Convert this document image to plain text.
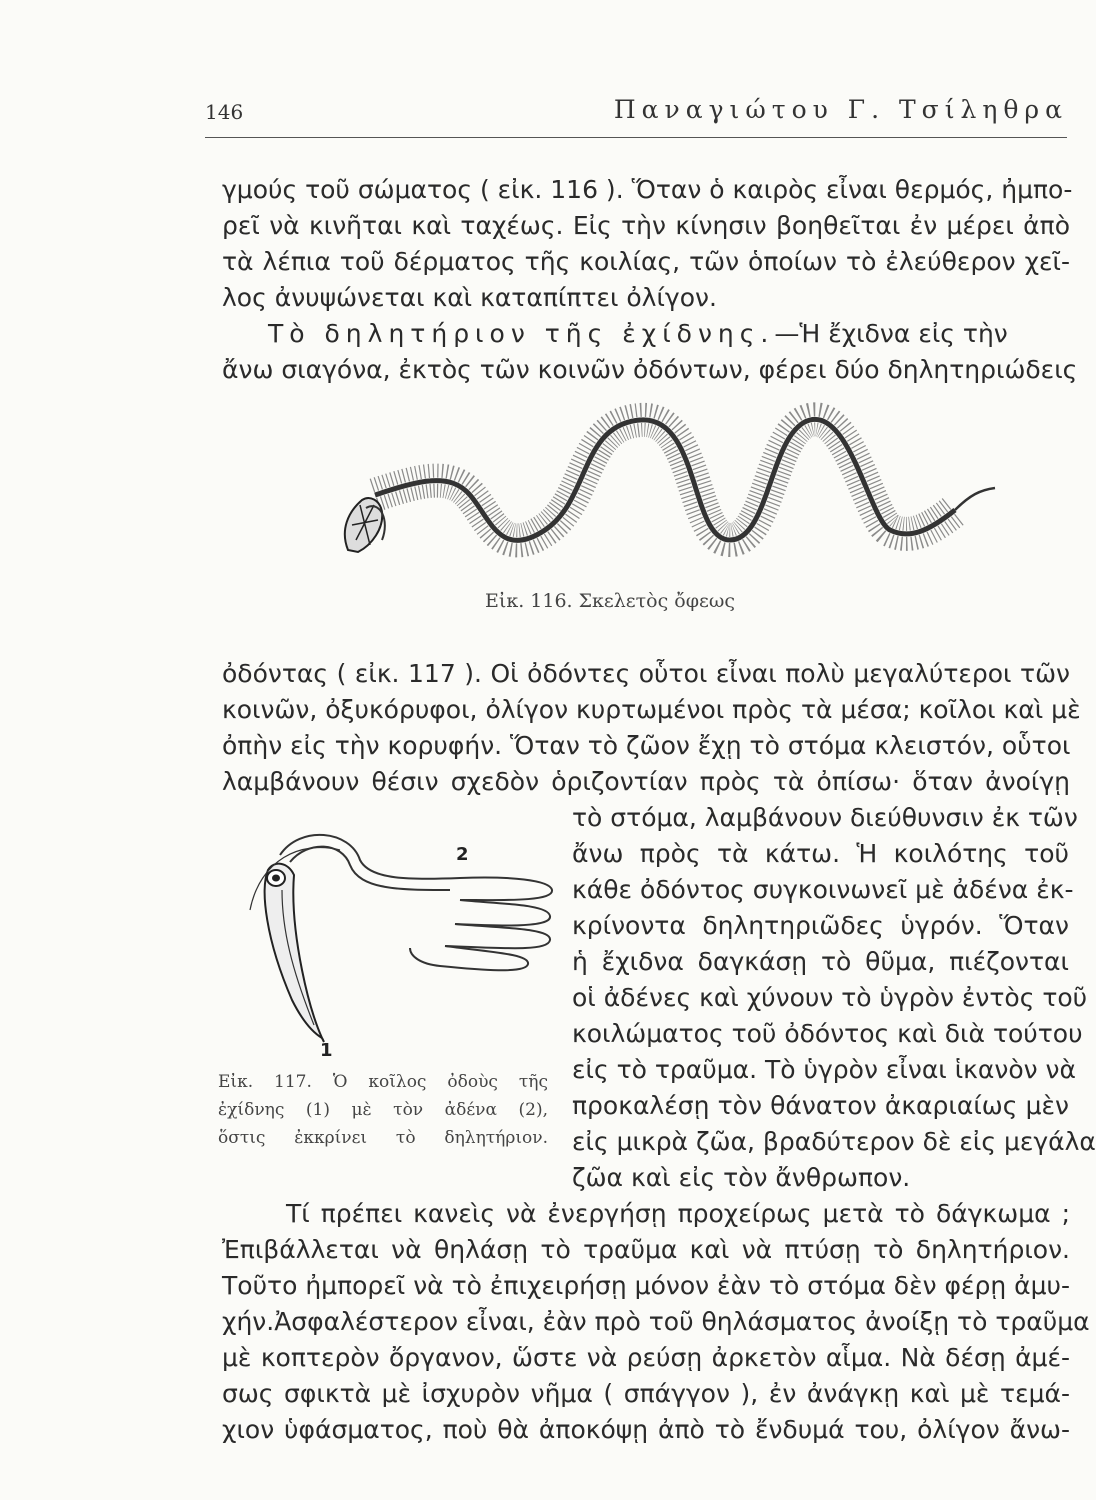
146	Παναγιώτου Γ. Τσίληθρα
γμούς τοῦ σώματος ( εἰκ. 116 ). Ὅταν ὁ καιρὸς εἶναι θερμός, ἠμπο-
ρεῖ νὰ κινῆται καὶ ταχέως. Εἰς τὴν κίνησιν βοηθεῖται ἐν μέρει ἀπὸ
τὰ λέπια τοῦ δέρματος τῆς κοιλίας, τῶν ὁποίων τὸ ἐλεύθερον χεῖ-
λος ἀνυψώνεται καὶ καταπίπτει ὀλίγον.
Τὸ δηλητήριον τῆς ἐχίδνης.—Ἡ ἔχιδνα εἰς τὴν
ἄνω σιαγόνα, ἐκτὸς τῶν κοινῶν ὀδόντων, φέρει δύο δηλητηριώδεις
Εἰκ. 116. Σκελετὸς ὄφεως
ὀδόντας ( εἰκ. 117 ). Οἱ ὀδόντες οὗτοι εἶναι πολὺ μεγαλύτεροι τῶν
κοινῶν, ὀξυκόρυφοι, ὀλίγον κυρτωμένοι πρὸς τὰ μέσα; κοῖλοι καὶ μὲ
ὀπὴν εἰς τὴν κορυφήν. Ὅταν τὸ ζῶον ἔχῃ τὸ στόμα κλειστόν, οὗτοι
λαμβάνουν θέσιν σχεδὸν ὁριζοντίαν πρὸς τὰ ὀπίσω· ὅταν ἀνοίγῃ
τὸ στόμα, λαμβάνουν διεύθυνσιν ἐκ τῶν
ἄνω πρὸς τὰ κάτω. Ἡ κοιλότης τοῦ
κάθε ὀδόντος συγκοινωνεῖ μὲ ἀδένα ἐκ-
κρίνοντα δηλητηριῶδες ὑγρόν. Ὅταν
ἡ ἔχιδνα δαγκάσῃ τὸ θῦμα, πιέζονται
οἱ ἀδένες καὶ χύνουν τὸ ὑγρὸν ἐντὸς τοῦ
κοιλώματος τοῦ ὀδόντος καὶ διὰ τούτου
εἰς τὸ τραῦμα. Τὸ ὑγρὸν εἶναι ἱκανὸν νὰ
προκαλέσῃ τὸν θάνατον ἀκαριαίως μὲν
εἰς μικρὰ ζῶα, βραδύτερον δὲ εἰς μεγάλα
ζῶα καὶ εἰς τὸν ἄνθρωπον.
2
1
Εἰκ. 117. Ὁ κοῖλος ὀδοὺς τῆς
ἐχίδνης (1) μὲ τὸν ἀδένα (2),
ὅστις ἐκκρίνει τὸ δηλητήριον.
Τί πρέπει κανεὶς νὰ ἐνεργήσῃ προχείρως μετὰ τὸ δάγκωμα ;
Ἐπιβάλλεται νὰ θηλάσῃ τὸ τραῦμα καὶ νὰ πτύσῃ τὸ δηλητήριον.
Τοῦτο ἠμπορεῖ νὰ τὸ ἐπιχειρήσῃ μόνον ἐὰν τὸ στόμα δὲν φέρῃ ἀμυ-
χήν.Ἀσφαλέστερον εἶναι, ἐὰν πρὸ τοῦ θηλάσματος ἀνοίξῃ τὸ τραῦμα
μὲ κοπτερὸν ὄργανον, ὥστε νὰ ρεύσῃ ἀρκετὸν αἷμα. Νὰ δέσῃ ἀμέ-
σως σφικτὰ μὲ ἰσχυρὸν νῆμα ( σπάγγον ), ἐν ἀνάγκῃ καὶ μὲ τεμά-
χιον ὑφάσματος, ποὺ θὰ ἀποκόψῃ ἀπὸ τὸ ἔνδυμά του, ὀλίγον ἄνω-
